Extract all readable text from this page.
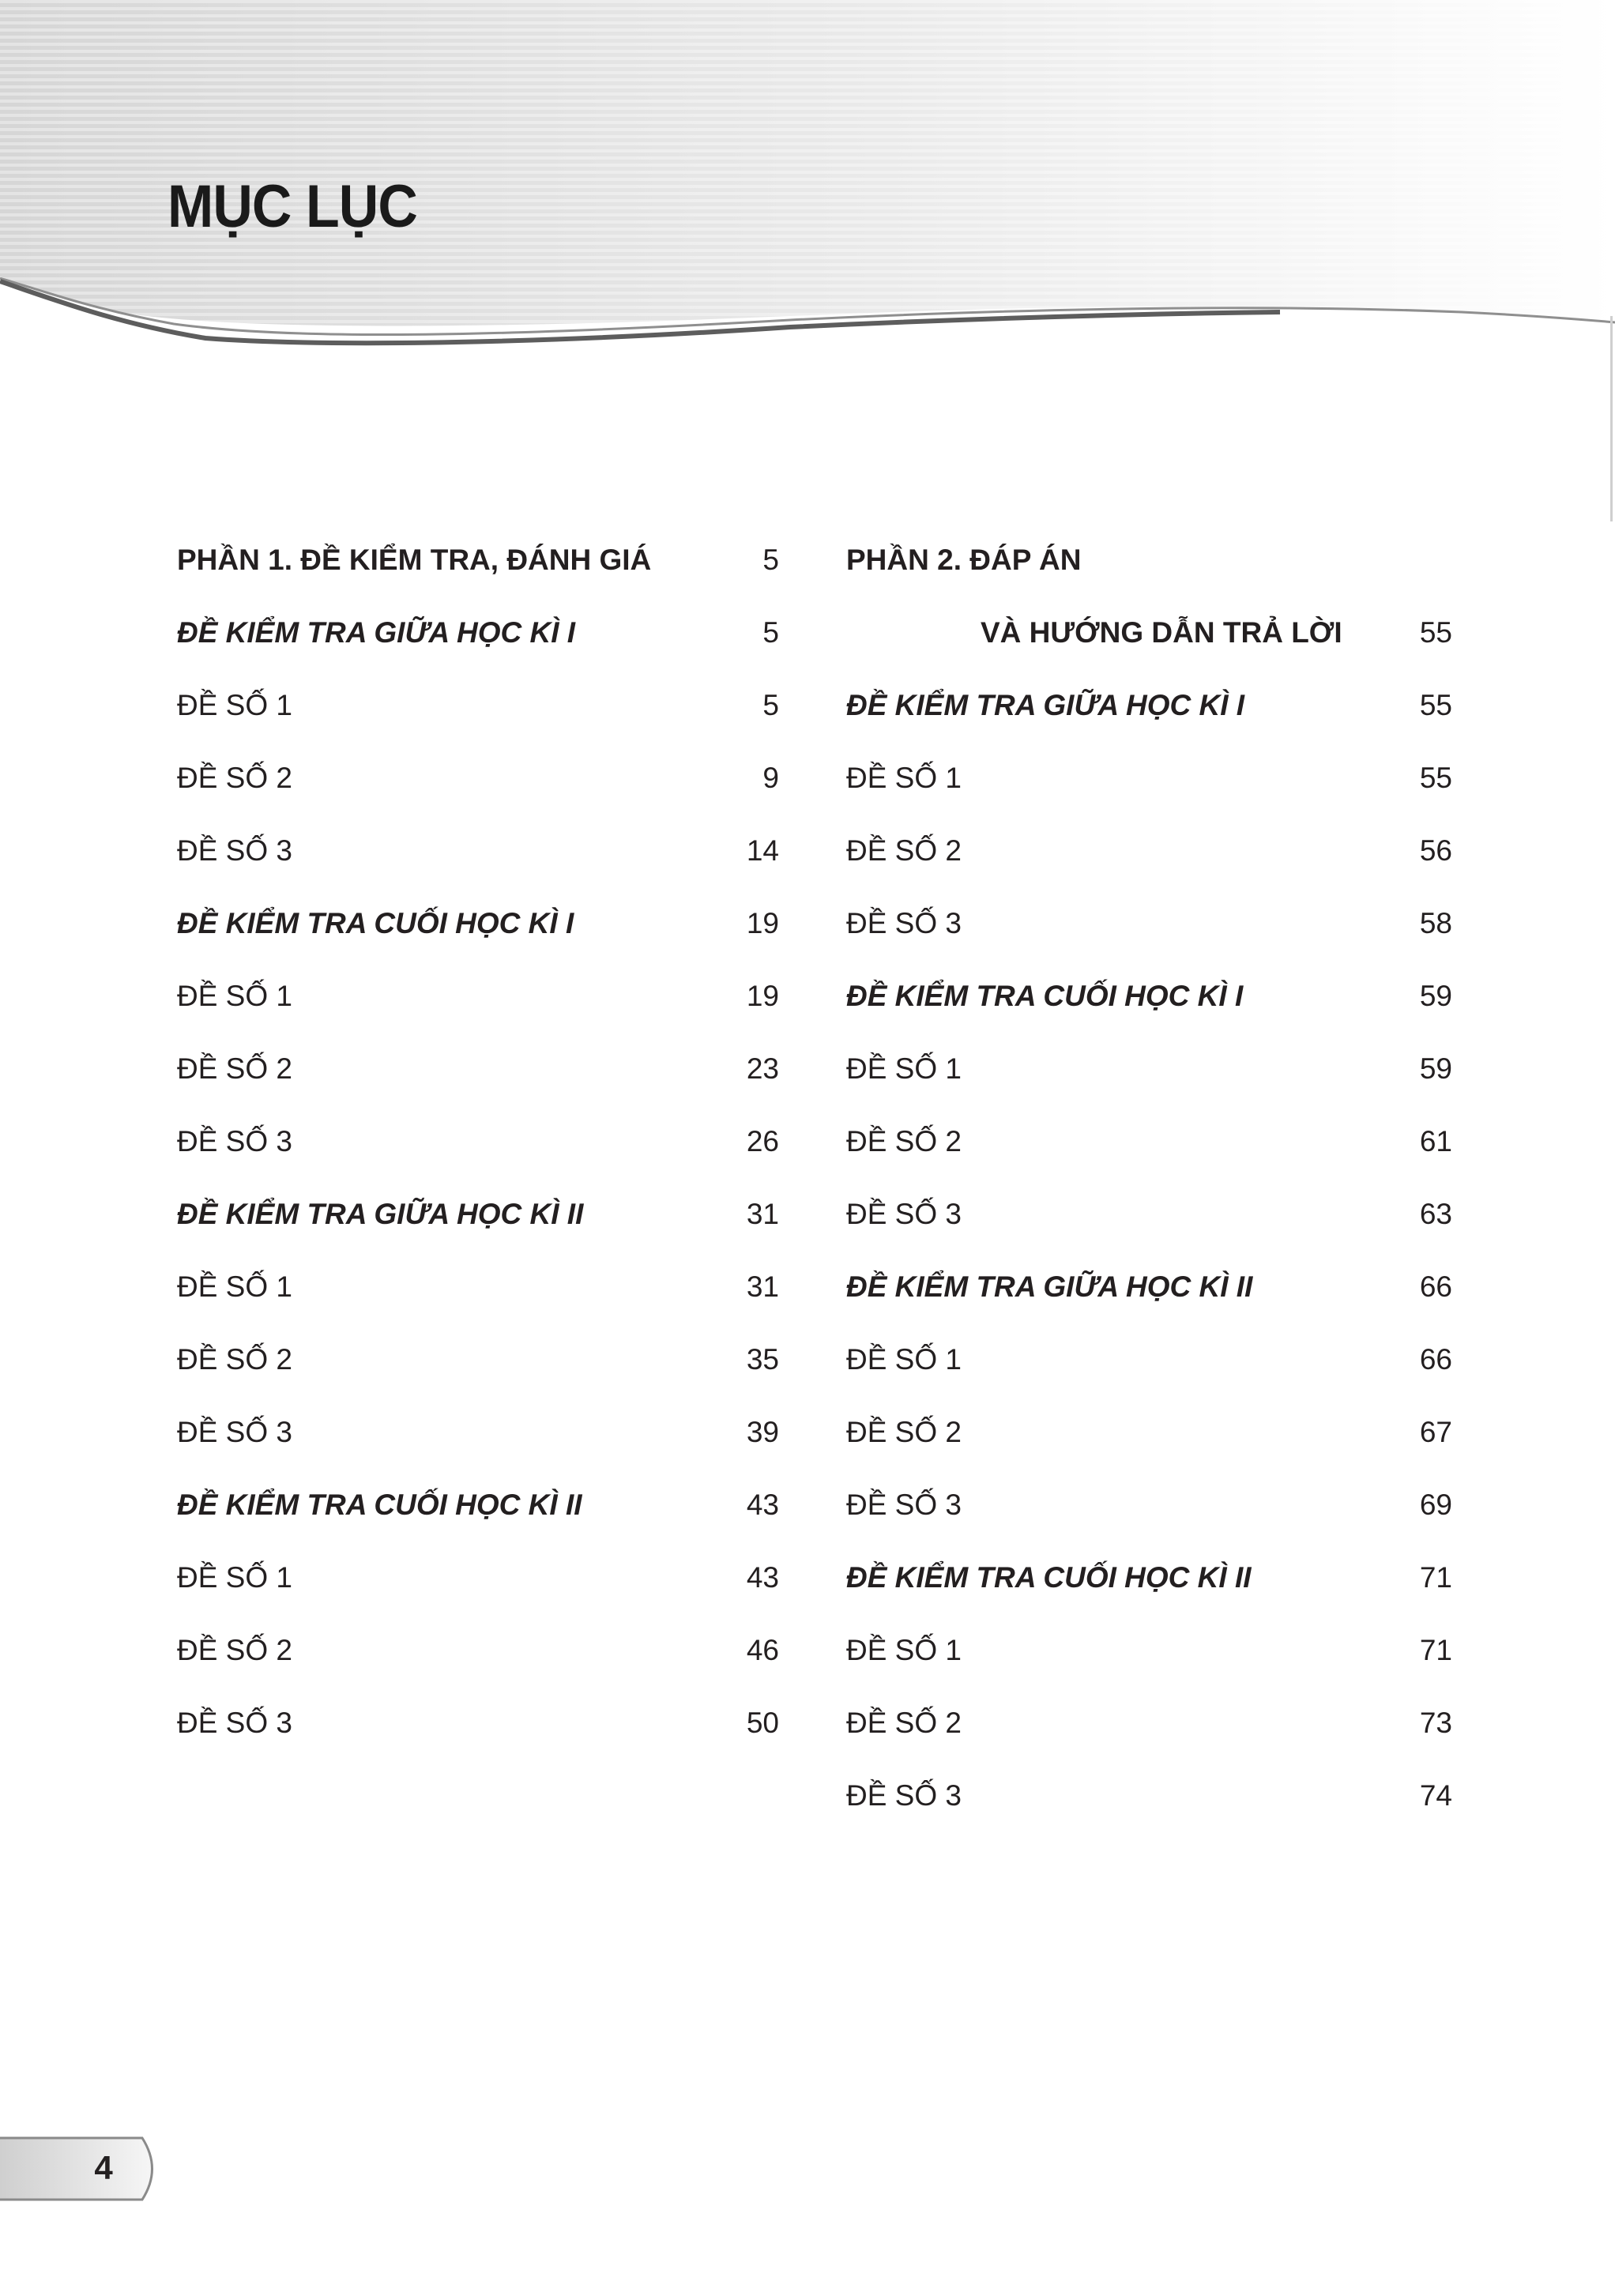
MỤC LỤC
PHẦN 1. ĐỀ KIỂM TRA, ĐÁNH GIÁ	5
ĐỀ KIỂM TRA GIỮA HỌC KÌ I	5
ĐỀ SỐ 1	5
ĐỀ SỐ 2	9
ĐỀ SỐ 3	14
ĐỀ KIỂM TRA CUỐI HỌC KÌ I	19
ĐỀ SỐ 1	19
ĐỀ SỐ 2	23
ĐỀ SỐ 3	26
ĐỀ KIỂM TRA GIỮA HỌC KÌ II	31
ĐỀ SỐ 1	31
ĐỀ SỐ 2	35
ĐỀ SỐ 3	39
ĐỀ KIỂM TRA CUỐI HỌC KÌ II	43
ĐỀ SỐ 1	43
ĐỀ SỐ 2	46
ĐỀ SỐ 3	50
PHẦN 2. ĐÁP ÁN
VÀ HƯỚNG DẪN TRẢ LỜI	55
ĐỀ KIỂM TRA GIỮA HỌC KÌ I	55
ĐỀ SỐ 1	55
ĐỀ SỐ 2	56
ĐỀ SỐ 3	58
ĐỀ KIỂM TRA CUỐI HỌC KÌ I	59
ĐỀ SỐ 1	59
ĐỀ SỐ 2	61
ĐỀ SỐ 3	63
ĐỀ KIỂM TRA GIỮA HỌC KÌ II	66
ĐỀ SỐ 1	66
ĐỀ SỐ 2	67
ĐỀ SỐ 3	69
ĐỀ KIỂM TRA CUỐI HỌC KÌ II	71
ĐỀ SỐ 1	71
ĐỀ SỐ 2	73
ĐỀ SỐ 3	74
4
